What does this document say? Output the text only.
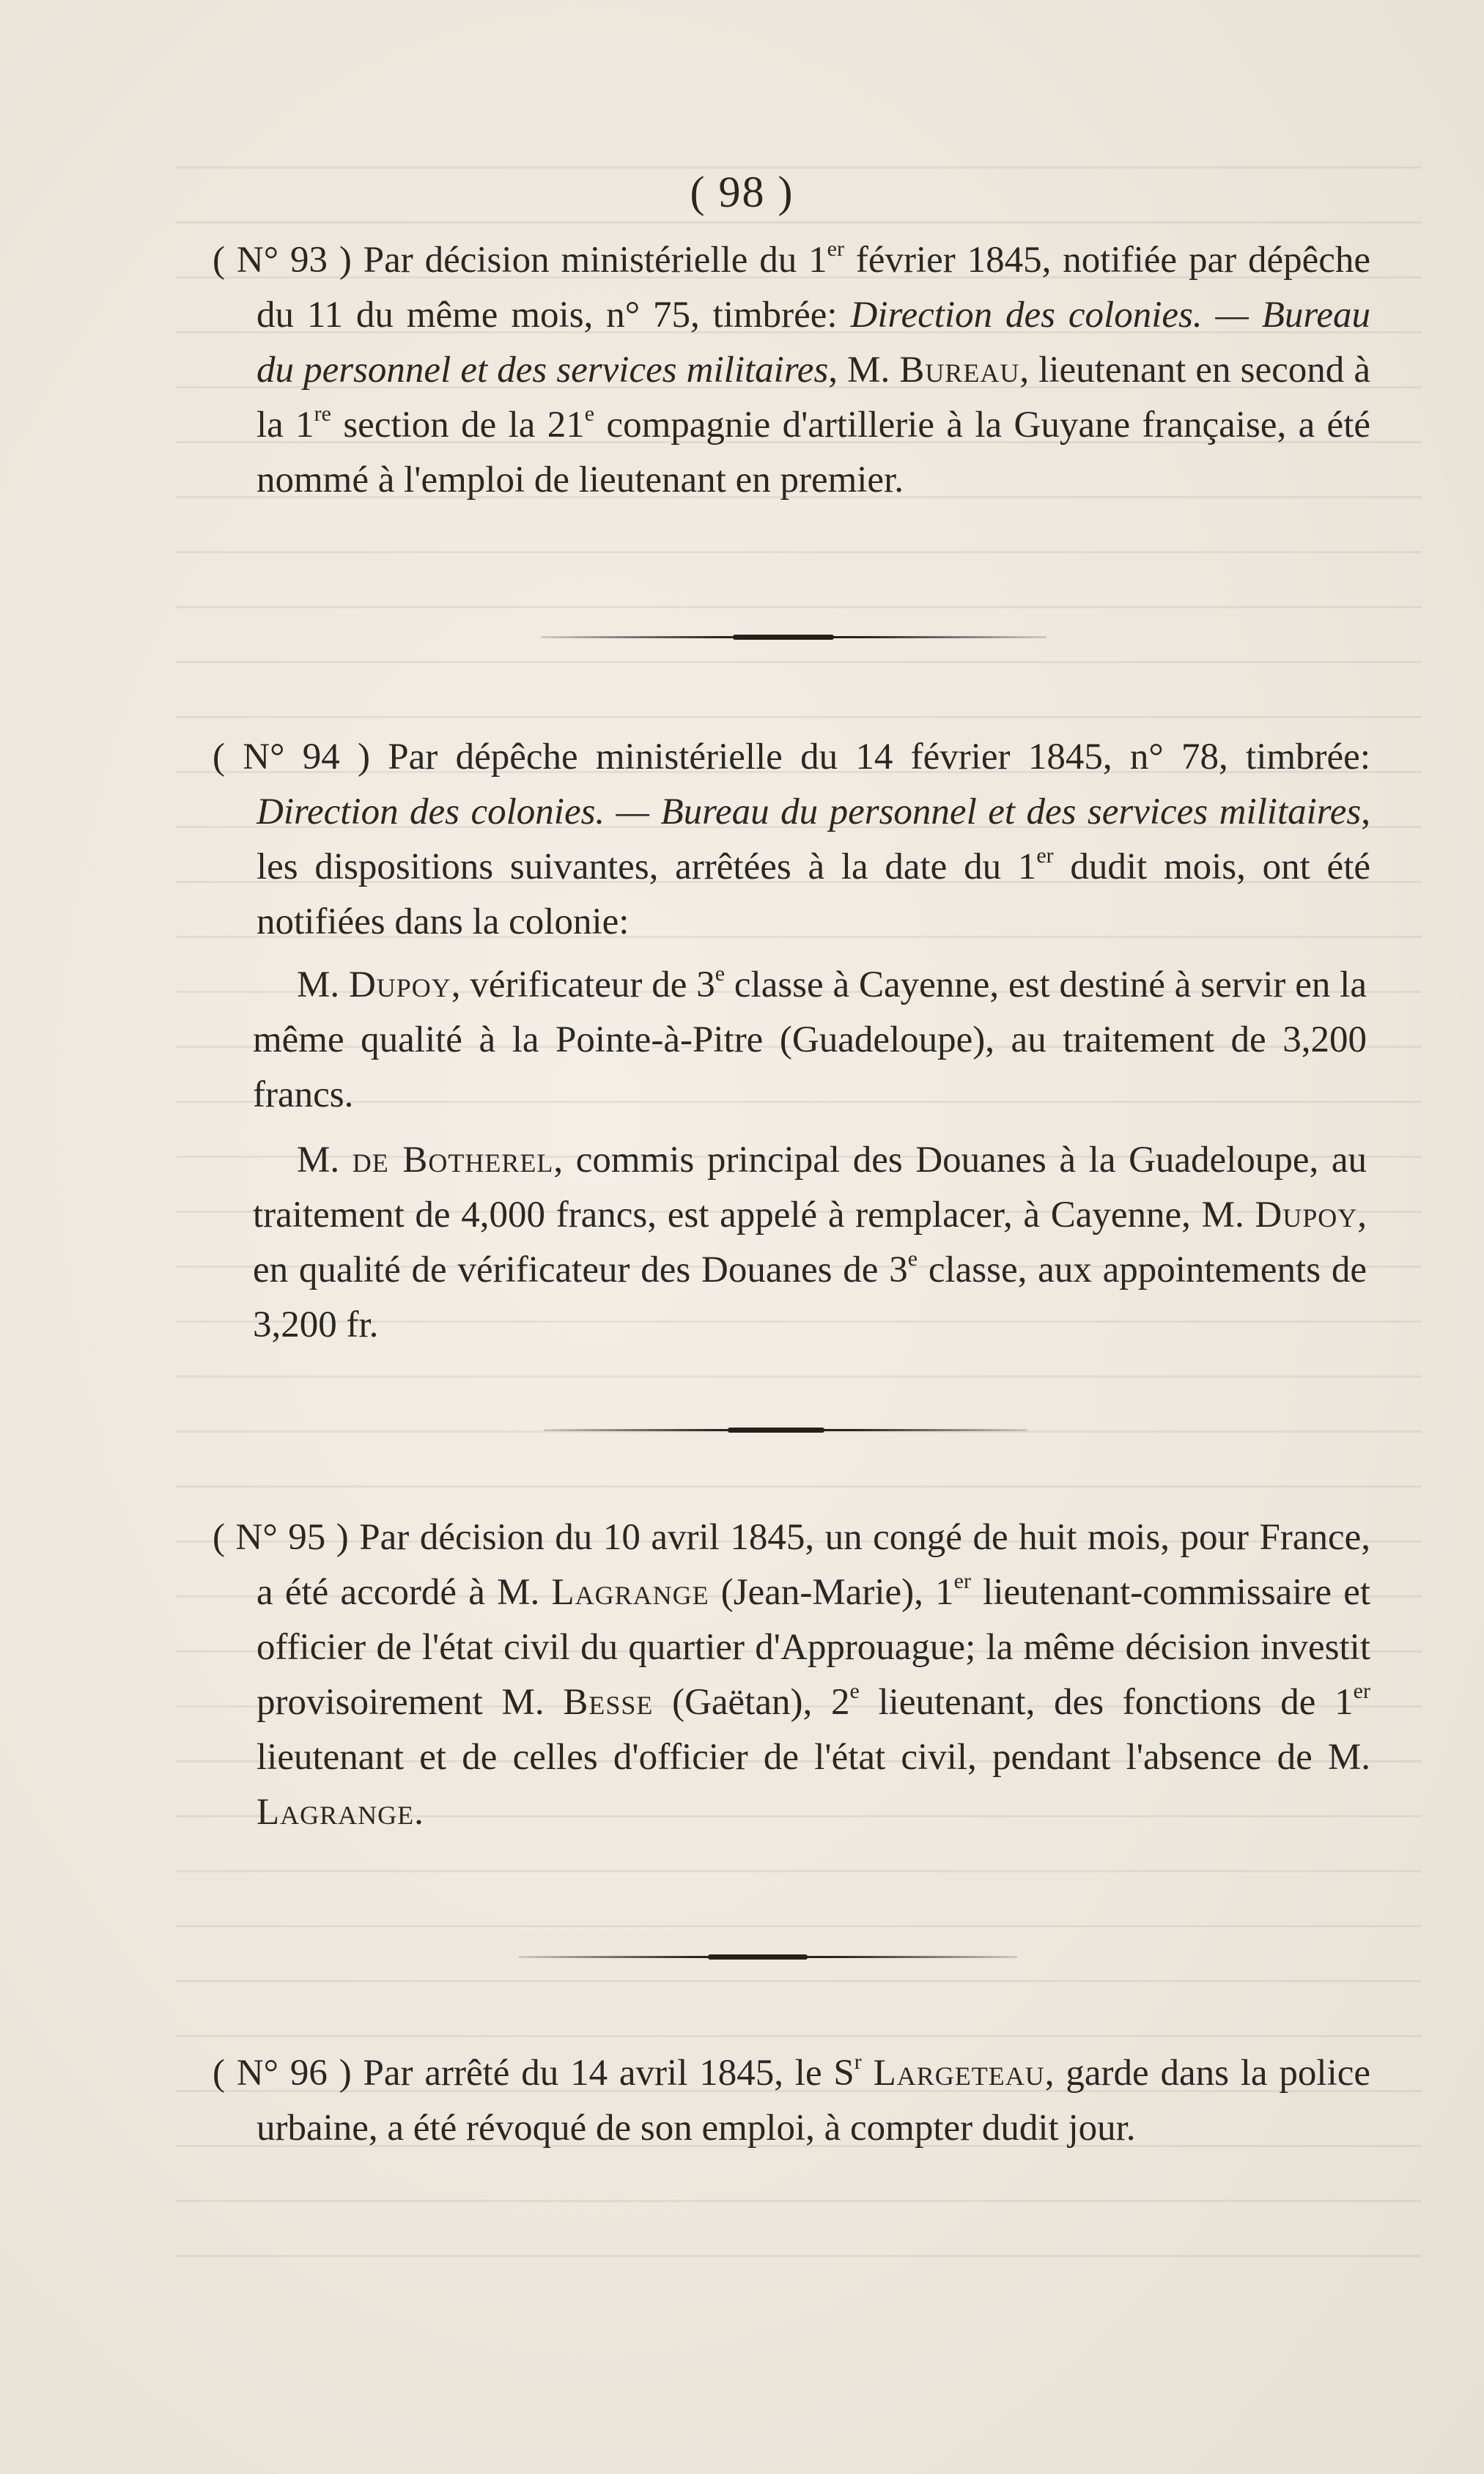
( 98 )

( N° 93 ) Par décision ministérielle du 1er février 1845, notifiée par dépêche du 11 du même mois, n° 75, timbrée: Direction des colonies. — Bureau du personnel et des services militaires, M. Bureau, lieutenant en second à la 1re section de la 21e compagnie d'artillerie à la Guyane française, a été nommé à l'emploi de lieutenant en premier.

( N° 94 ) Par dépêche ministérielle du 14 février 1845, n° 78, timbrée: Direction des colonies. — Bureau du personnel et des services militaires, les dispositions suivantes, arrêtées à la date du 1er dudit mois, ont été notifiées dans la colonie:

M. Dupoy, vérificateur de 3e classe à Cayenne, est destiné à servir en la même qualité à la Pointe-à-Pitre (Guadeloupe), au traitement de 3,200 francs.

M. de Botherel, commis principal des Douanes à la Guadeloupe, au traitement de 4,000 francs, est appelé à remplacer, à Cayenne, M. Dupoy, en qualité de vérificateur des Douanes de 3e classe, aux appointements de 3,200 fr.

( N° 95 ) Par décision du 10 avril 1845, un congé de huit mois, pour France, a été accordé à M. Lagrange (Jean-Marie), 1er lieutenant-commissaire et officier de l'état civil du quartier d'Approuague; la même décision investit provisoirement M. Besse (Gaëtan), 2e lieutenant, des fonctions de 1er lieutenant et de celles d'officier de l'état civil, pendant l'absence de M. Lagrange.

( N° 96 ) Par arrêté du 14 avril 1845, le $S^r$ Largeteau, garde dans la police urbaine, a été révoqué de son emploi, à compter dudit jour.
